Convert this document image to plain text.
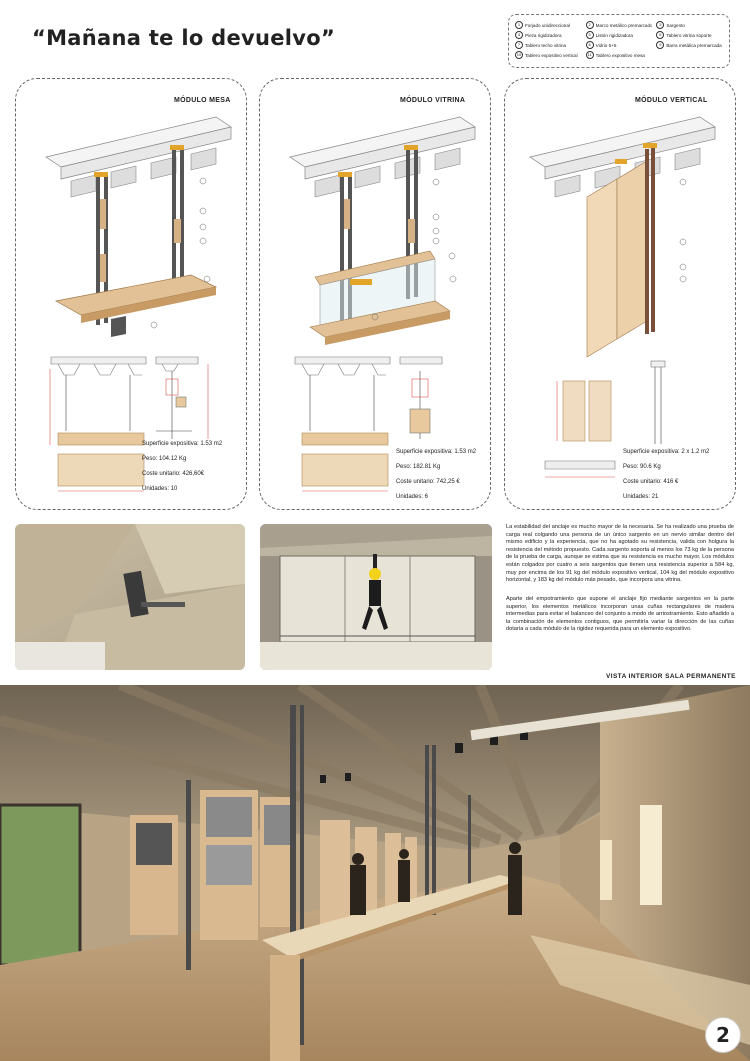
“Mañana te lo devuelvo”
1	Forjado unidireccional	2	Marco metálico premarcado	3	Sargento
4	Pieza rigidizadora	5	Listón rigidizadora	6	Tablero vitrina soporte
7	Tablero techo vitrina	8	Vidrio 5+5	9	Barra metálica premarcada
10 Tablero expositivo vertical	11 Tablero expositivo mesa
MÓDULO MESA
Superficie expositiva: 1.53 m2
Peso: 104.12 Kg
Coste unitario: 426,60€
Unidades: 10
MÓDULO VITRINA
Superficie expositiva: 1.53 m2
Peso: 182.81 Kg
Coste unitario: 742,25 €
Unidades: 6
MÓDULO VERTICAL
Superficie expositiva: 2 x 1.2 m2
Peso: 90.6 Kg
Coste unitario: 416 €
Unidades: 21
La estabilidad del anclaje es mucho mayor de la necesaria. Se ha realizado una prueba de carga real colgando una persona de un único sargento en un nervio similar dentro del mismo edificio y la experiencia, que no ha agotado su resistencia, valida con holgura la resistencia del método propuesto. Cada sargento soporta al menos los 73 kg de la persona de la prueba de carga, aunque se estima que su resistencia es mucho mayor. Los módulos están colgados por cuatro a seis sargentos que tienen una resistencia superior a 584 kg, muy por encima de los 91 kg del módulo expositivo vertical, 104 kg del módulo expositivo horizontal, y 183 kg del módulo más pesado, que incorpora una vitrina.
Aparte del empotramiento que supone el anclaje fijo mediante sargentos en la parte superior, los elementos metálicos incorporan unas cuñas rectangulares de madera intermedias para evitar el balanceo del conjunto a modo de arriostramiento. Esto añadido a la combinación de elementos contiguos, que permitiría variar la dirección de las cuñas dotaría a cada módulo de la rigidez requerida para un elemento expositivo.
VISTA INTERIOR SALA PERMANENTE
2
